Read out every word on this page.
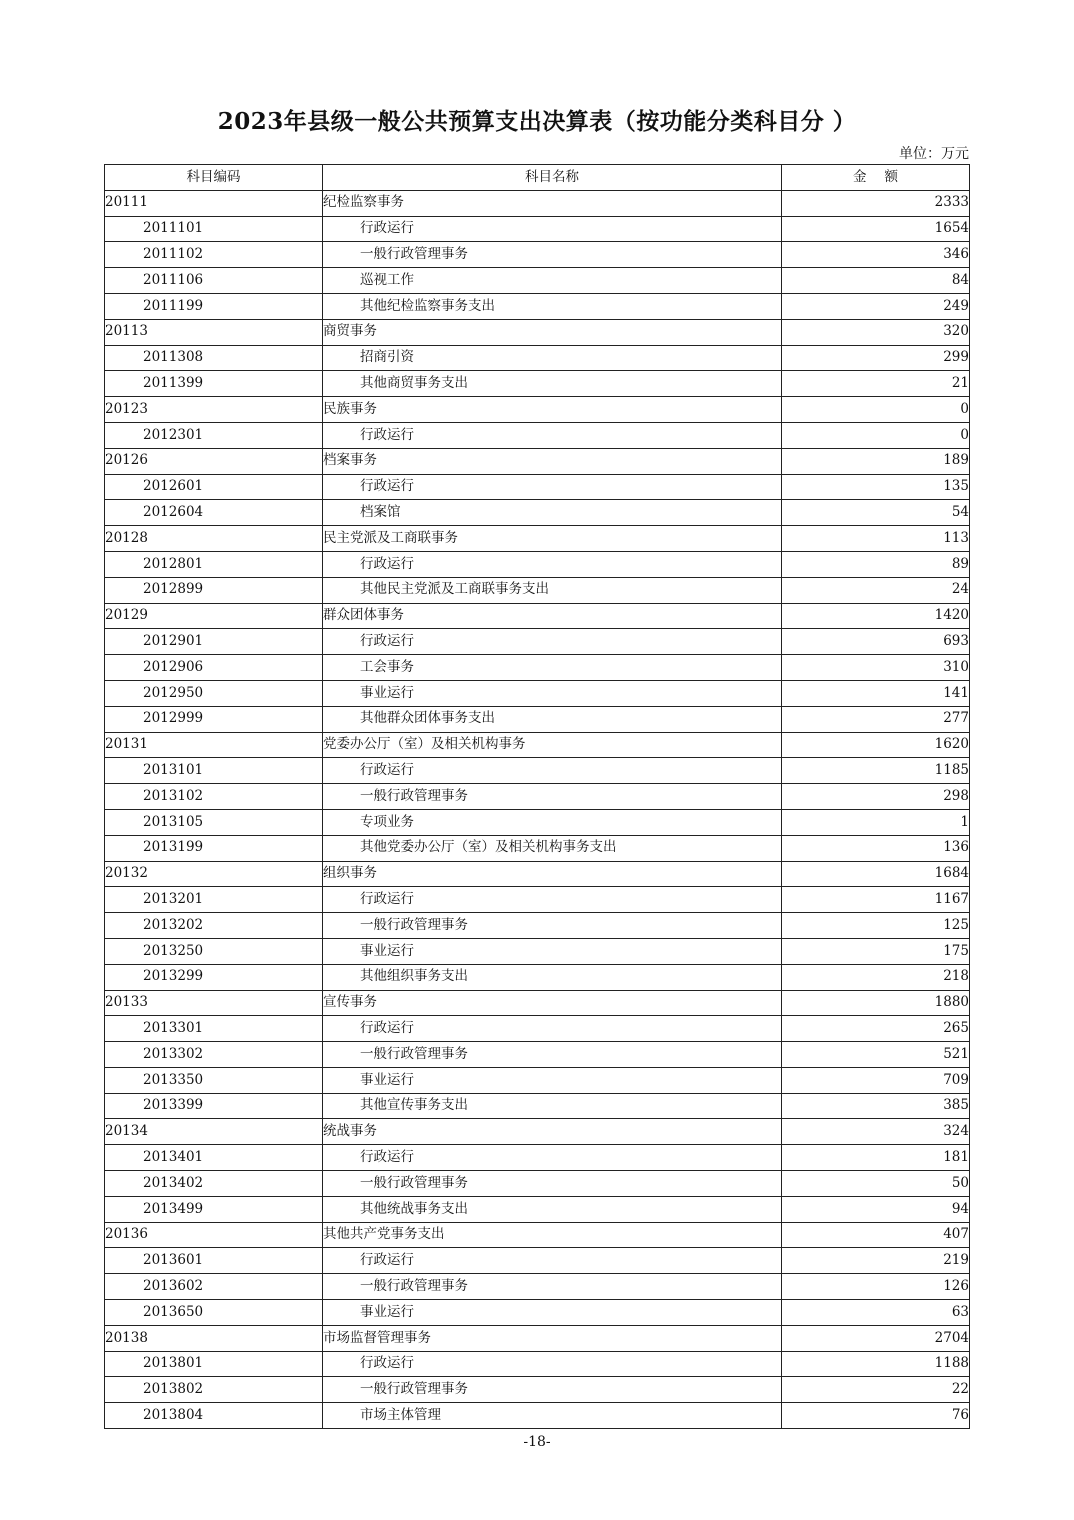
2023年县级一般公共预算支出决算表（按功能分类科目分 ）
单位：万元
科目编码	科目名称	金额
20111	纪检监察事务	2333
2011101	行政运行	1654
2011102	一般行政管理事务	346
2011106	巡视工作	84
2011199	其他纪检监察事务支出	249
20113	商贸事务	320
2011308	招商引资	299
2011399	其他商贸事务支出	21
20123	民族事务	0
2012301	行政运行	0
20126	档案事务	189
2012601	行政运行	135
2012604	档案馆	54
20128	民主党派及工商联事务	113
2012801	行政运行	89
2012899	其他民主党派及工商联事务支出	24
20129	群众团体事务	1420
2012901	行政运行	693
2012906	工会事务	310
2012950	事业运行	141
2012999	其他群众团体事务支出	277
20131	党委办公厅（室）及相关机构事务	1620
2013101	行政运行	1185
2013102	一般行政管理事务	298
2013105	专项业务	1
2013199	其他党委办公厅（室）及相关机构事务支出	136
20132	组织事务	1684
2013201	行政运行	1167
2013202	一般行政管理事务	125
2013250	事业运行	175
2013299	其他组织事务支出	218
20133	宣传事务	1880
2013301	行政运行	265
2013302	一般行政管理事务	521
2013350	事业运行	709
2013399	其他宣传事务支出	385
20134	统战事务	324
2013401	行政运行	181
2013402	一般行政管理事务	50
2013499	其他统战事务支出	94
20136	其他共产党事务支出	407
2013601	行政运行	219
2013602	一般行政管理事务	126
2013650	事业运行	63
20138	市场监督管理事务	2704
2013801	行政运行	1188
2013802	一般行政管理事务	22
2013804	市场主体管理	76
-18-
